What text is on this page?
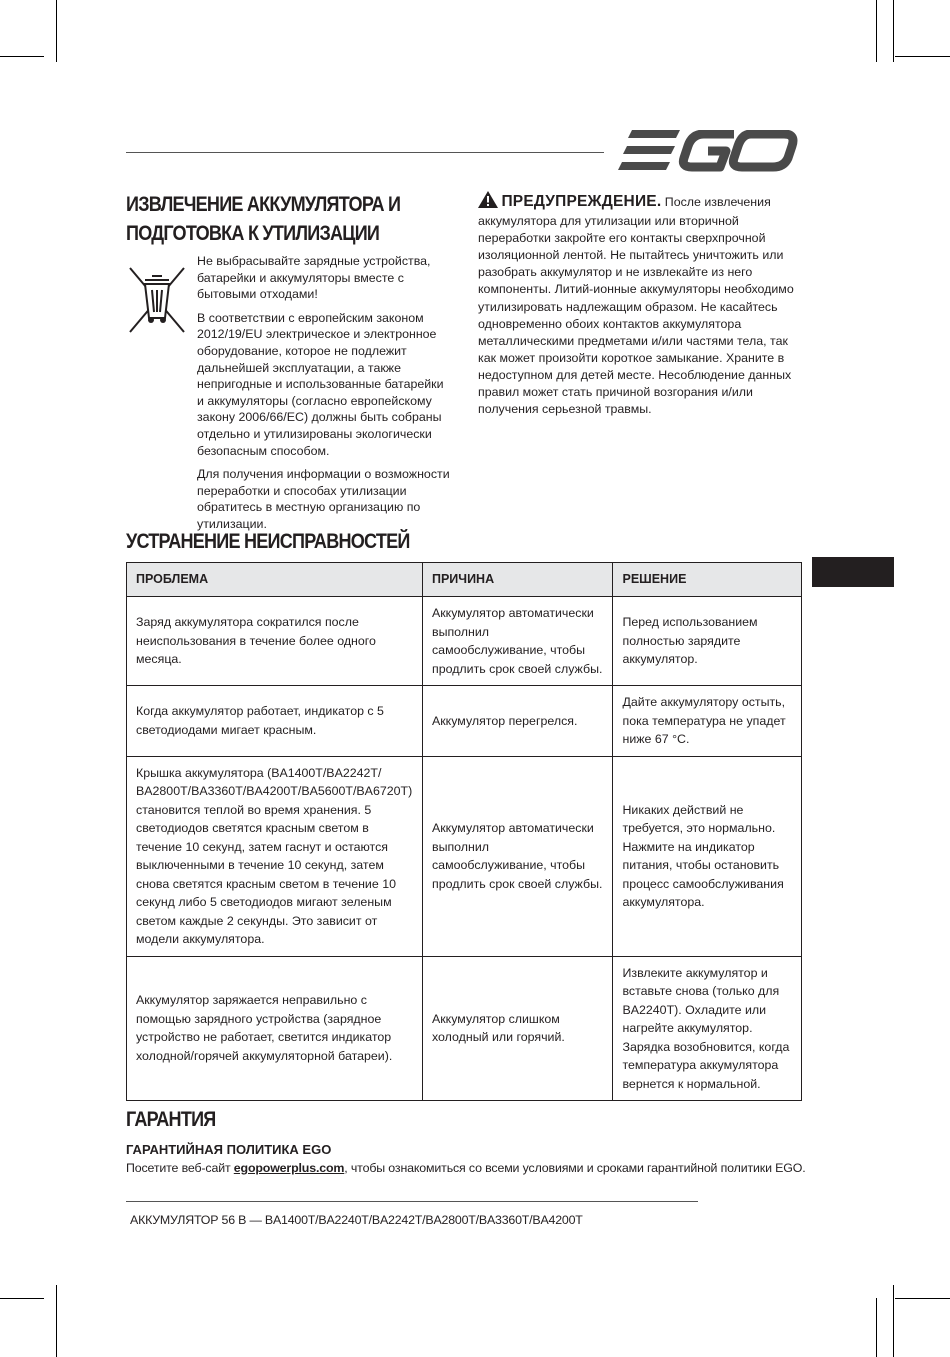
ИЗВЛЕЧЕНИЕ АККУМУЛЯТОРА И
ПОДГОТОВКА К УТИЛИЗАЦИИ

Не выбрасывайте зарядные устройства, батарейки и аккумуляторы вместе с бытовыми отходами!

В соответствии с европейским законом 2012/19/EU электрическое и электронное оборудование, которое не подлежит дальнейшей эксплуатации, а также непригодные и использованные батарейки и аккумуляторы (согласно европейскому закону 2006/66/EC) должны быть собраны отдельно и утилизированы экологически безопасным способом.

Для получения информации о возможности переработки и способах утилизации обратитесь в местную организацию по утилизации.

ПРЕДУПРЕЖДЕНИЕ. После извлечения аккумулятора для утилизации или вторичной переработки закройте его контакты сверхпрочной изоляционной лентой. Не пытайтесь уничтожить или разобрать аккумулятор и не извлекайте из него компоненты. Литий-ионные аккумуляторы необходимо утилизировать надлежащим образом. Не касайтесь одновременно обоих контактов аккумулятора металлическими предметами и/или частями тела, так как может произойти короткое замыкание. Храните в недоступном для детей месте. Несоблюдение данных правил может стать причиной возгорания и/или получения серьезной травмы.
УСТРАНЕНИЕ НЕИСПРАВНОСТЕЙ
ПРОБЛЕМА	ПРИЧИНА	РЕШЕНИЕ
Заряд аккумулятора сократился после неиспользования в течение более одного месяца.	Аккумулятор автоматически выполнил самообслуживание, чтобы продлить срок своей службы.	Перед использованием полностью зарядите аккумулятор.
Когда аккумулятор работает, индикатор с 5 светодиодами мигает красным.	Аккумулятор перегрелся.	Дайте аккумулятору остыть, пока температура не упадет ниже 67 °C.
Крышка аккумулятора (BA1400T/BA2242T/ BA2800T/BA3360T/BA4200T/BA5600T/BA6720T) становится теплой во время хранения. 5 светодиодов светятся красным светом в течение 10 секунд, затем гаснут и остаются выключенными в течение 10 секунд, затем снова светятся красным светом в течение 10 секунд либо 5 светодиодов мигают зеленым светом каждые 2 секунды. Это зависит от модели аккумулятора.	Аккумулятор автоматически выполнил самообслуживание, чтобы продлить срок своей службы.	Никаких действий не требуется, это нормально. Нажмите на индикатор питания, чтобы остановить процесс самообслуживания аккумулятора.
Аккумулятор заряжается неправильно с помощью зарядного устройства (зарядное устройство не работает, светится индикатор холодной/горячей аккумуляторной батареи).	Аккумулятор слишком холодный или горячий.	Извлеките аккумулятор и вставьте снова (только для BA2240T). Охладите или нагрейте аккумулятор. Зарядка возобновится, когда температура аккумулятора вернется к нормальной.
ГАРАНТИЯ
ГАРАНТИЙНАЯ ПОЛИТИКА EGO
Посетите веб-сайт egopowerplus.com, чтобы ознакомиться со всеми условиями и сроками гарантийной политики EGO.
АККУМУЛЯТОР 56 В — BA1400T/BA2240T/BA2242T/BA2800T/BA3360T/BA4200T
